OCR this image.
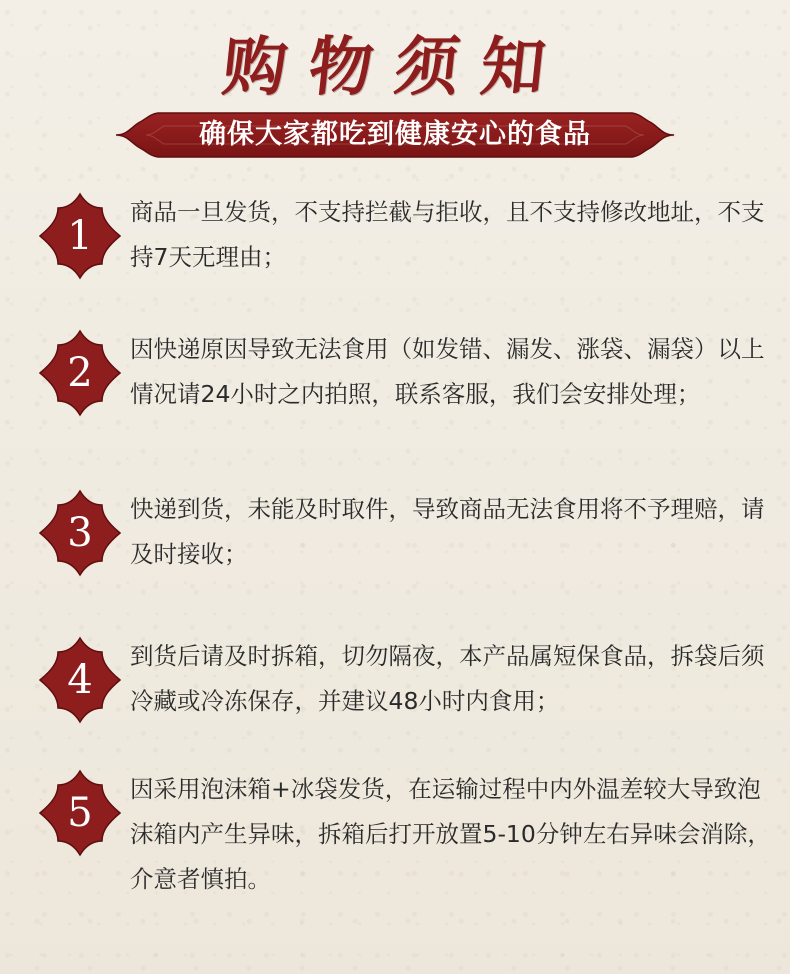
购物须知
确保大家都吃到健康安心的食品
1

商品一旦发货，不支持拦截与拒收，且不支持修改地址，不支持7天无理由；

2

因快递原因导致无法食用（如发错、漏发、涨袋、漏袋）以上情况请24小时之内拍照，联系客服，我们会安排处理；

3

快递到货，未能及时取件，导致商品无法食用将不予理赔，请及时接收；

4

到货后请及时拆箱，切勿隔夜，本产品属短保食品，拆袋后须冷藏或冷冻保存，并建议48小时内食用；

5

因采用泡沫箱+冰袋发货，在运输过程中内外温差较大导致泡沫箱内产生异味，拆箱后打开放置5-10分钟左右异味会消除，介意者慎拍。
